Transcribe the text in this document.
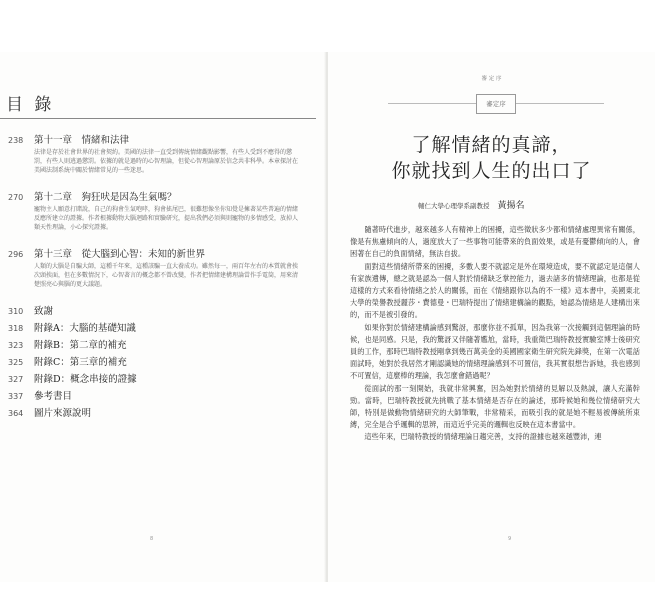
目 錄
238	第十一章　情緒和法律
法律是存於社會世界的社會契約。美國的法律一直受到傳統情緒觀點影響，有些人受到不應得的懲罰，有些人則逃過懲罰。依據的就是過時的心智理論，但從心智理論原於信念共非科學。本章探討在美國法制系統中關於情緒常見的一些迷思。
270	第十二章　狗狂吠是因為生氣嗎？
寵物主人願意打賭說，自己的狗會生氣咆哮，狗會搖尾巴，很難想像坐你知覺是擁著某些普遍的情緒反應所建立的證據。作者根據動物大腦迴路和實驗研究，提出我們必須與則寵物的多情感受，放掉人類天性理論，小心探究證據。
296	第十三章　從大腦到心智：未知的新世界
人類的大腦是自騙大師，這種千年來，這種該騙一直大養成功。雖然每一，兩百年左右的本質就會挨次頭挨面，但在多數情況下，心智著言的概念都不曾改變，作者把情緒建構理論當作手電筒，用來清楚照亮心與腦的更大議題。
310	致謝
318	附錄A：大腦的基礎知識
323	附錄B：第二章的補充
325	附錄C：第三章的補充
327	附錄D：概念串接的證據
337	參考書目
364	圖片來源說明
8
審 定 序
審定序
了解情緒的真諦，
你就找到人生的出口了
輔仁大學心理學系副教授 黃揚名

隨著時代進步，越來越多人有精神上的困擾，這些徵狀多少都和情緒處理異常有關係，像是有焦慮傾向的人，過度放大了一些事物可能帶來的負面效果，或是有憂鬱傾向的人，會困著在自己的負面情緒，無法自拔。

面對這些情緒所帶來的困擾，多數人要不就認定是外在環境造成，要不就認定是這個人有家族遺傳，總之就是認為一個人對於情緒缺乏掌控能力，過去諸多的情緒理論，也都是從這樣的方式來看待情緒之於人的關係，而在《情緒跟你以為的不一樣》這本書中，美國東北大學的榮譽教授麗莎・費德曼・巴瑞特提出了情緒建構論的觀點，她認為情緒是人建構出來的，而不是被引發的。

如果你對於情緒建構論感到驚訝，那麼你並不孤單，因為我第一次接觸到這個理論的時候，也是同感。只是，我的驚訝又伴隨著尷尬，當時，我重徵巴瑞特教授實驗室博士後研究員的工作，那時巴瑞特教授剛拿到幾百萬美金的美國國家衛生研究院先鋒獎，在第一次電話面試時，她對於我居然才剛認識她的情緒理論感到不可置信，我其實很想告訴她，我也感到不可置信，這麼棒的理論，我怎麼會錯過呢？

從面試的那一刻開始，我就非常興奮，因為她對於情緒的見解以及熱誠，讓人充滿幹勁。當時，巴瑞特教授就先挑戰了基本情緒是否存在的論述，那時候她和幾位情緒研究大師，特別是做動物情緒研究的大師筆戰，非常精采，而吸引我的就是她不輕易被傳統所束縛，完全是合乎邏輯的思辨，而這近乎完美的邏輯也反映在這本書當中。

這些年來，巴瑞特教授的情緒理論日趨完善，支持的證據也越來越豐沛，連

9
